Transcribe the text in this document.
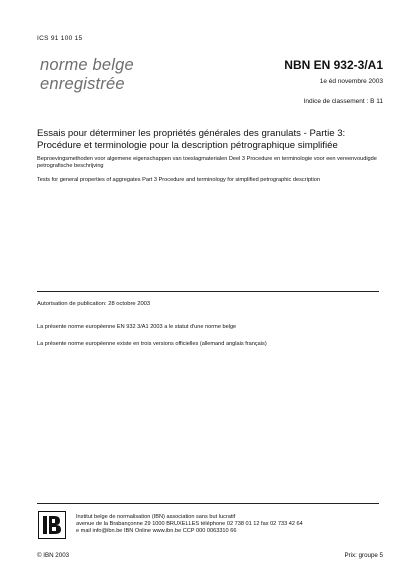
ICS 91 100 15
norme belge
enregistrée
NBN EN 932-3/A1
1e éd novembre 2003
Indice de classement : B 11
Essais pour déterminer les propriétés générales des granulats - Partie 3: Procédure et terminologie pour la description pétrographique simplifiée
Beproevingsmethoden voor algemene eigenschappen van toeslagmaterialen Deel 3 Procedure en terminologie voor een vereenvoudigde petrografische beschrijving
Tests for general properties of aggregates Part 3 Procedure and terminology for simplified petrographic description
Autorisation de publication: 28 octobre 2003
La présente norme européenne EN 932 3/A1 2003 a le statut d'une norme belge
La présente norme européenne existe en trois versions officielles (allemand anglais français)
Institut belge de normalisation (IBN) association sans but lucratif
avenue de la Brabançonne 29 1000 BRUXELLES téléphone 02 738 01 12 fax 02 733 42 64
e mail info@ibn.be IBN Online www.ibn.be CCP 000 0063310 66
© IBN 2003	Prix: groupe 5
